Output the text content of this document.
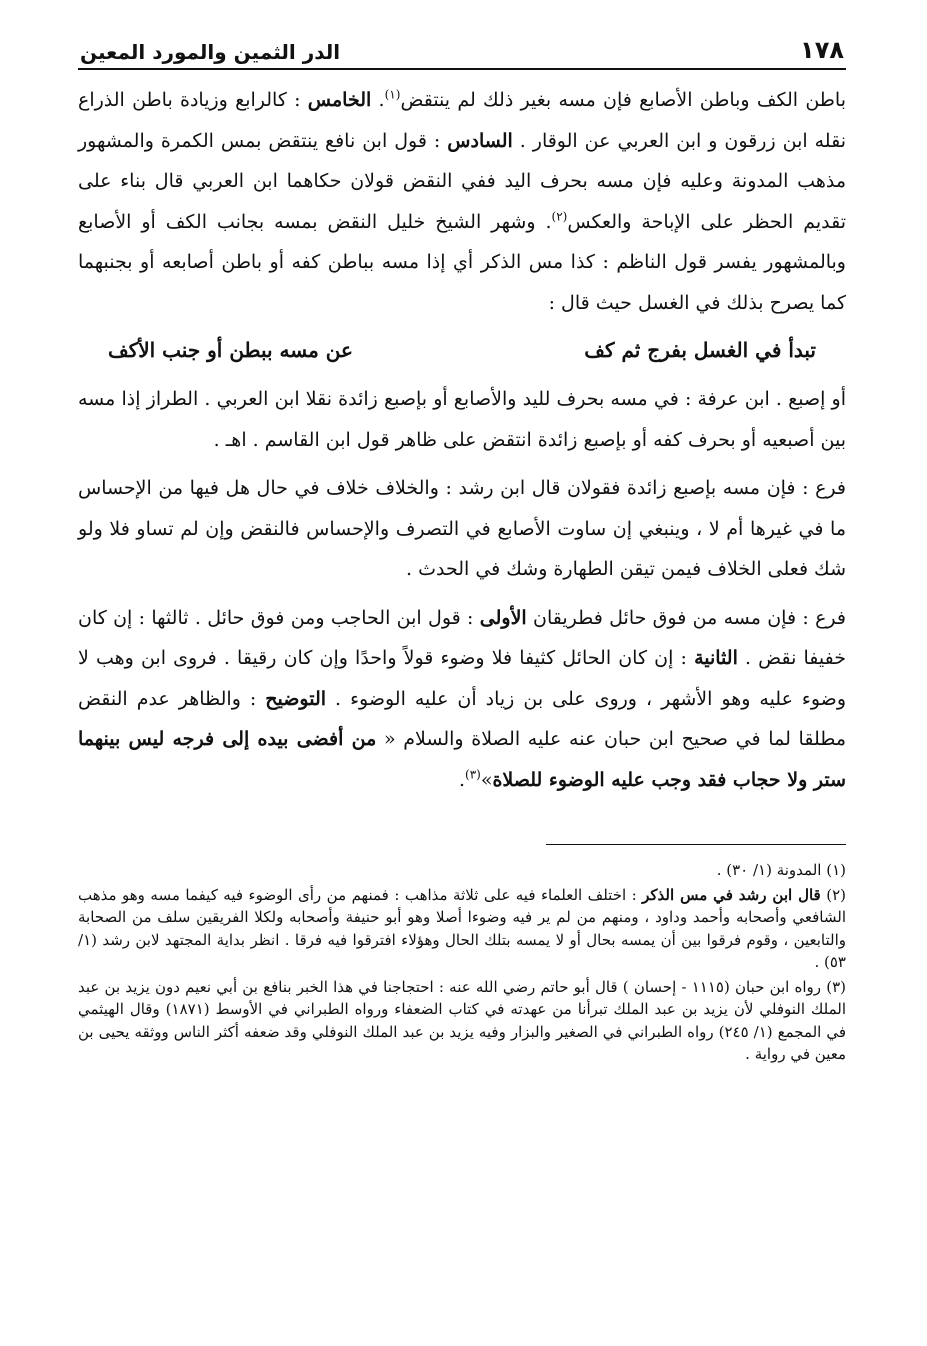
١٧٨
الدر الثمين والمورد المعين

باطن الكف وباطن الأصابع فإن مسه بغير ذلك لم ينتقض$^{(١)}$. الخامس : كالرابع وزيادة باطن الذراع نقله ابن زرقون و ابن العربي عن الوقار . السادس : قول ابن نافع ينتقض بمس الكمرة والمشهور مذهب المدونة وعليه فإن مسه بحرف اليد ففي النقض قولان حكاهما ابن العربي قال بناء على تقديم الحظر على الإباحة والعكس$^{(٢)}$. وشهر الشيخ خليل النقض بمسه بجانب الكف أو الأصابع وبالمشهور يفسر قول الناظم : كذا مس الذكر أي إذا مسه بباطن كفه أو باطن أصابعه أو بجنبهما كما يصرح بذلك في الغسل حيث قال :

تبدأ في الغسل بفرج ثم كف
عن مسه ببطن أو جنب الأكف

أو إصبع . ابن عرفة : في مسه بحرف لليد والأصابع أو بإصبع زائدة نقلا ابن العربي . الطراز إذا مسه بين أصبعيه أو بحرف كفه أو بإصبع زائدة انتقض على ظاهر قول ابن القاسم . اهـ .

فرع : فإن مسه بإصبع زائدة فقولان قال ابن رشد : والخلاف خلاف في حال هل فيها من الإحساس ما في غيرها أم لا ، وينبغي إن ساوت الأصابع في التصرف والإحساس فالنقض وإن لم تساو فلا ولو شك فعلى الخلاف فيمن تيقن الطهارة وشك في الحدث .

فرع : فإن مسه من فوق حائل فطريقان الأولى : قول ابن الحاجب ومن فوق حائل . ثالثها : إن كان خفيفا نقض . الثانية : إن كان الحائل كثيفا فلا وضوء قولاً واحدًا وإن كان رقيقا . فروى ابن وهب لا وضوء عليه وهو الأشهر ، وروى على بن زياد أن عليه الوضوء . التوضيح : والظاهر عدم النقض مطلقا لما في صحيح ابن حبان عنه عليه الصلاة والسلام « من أفضى بيده إلى فرجه ليس بينهما ستر ولا حجاب فقد وجب عليه الوضوء للصلاة»$^{(٣)}$.

(١) المدونة (١/ ٣٠) .
(٢) قال ابن رشد في مس الذكر : اختلف العلماء فيه على ثلاثة مذاهب : فمنهم من رأى الوضوء فيه كيفما مسه وهو مذهب الشافعي وأصحابه وأحمد وداود ، ومنهم من لم ير فيه وضوءا أصلا وهو أبو حنيفة وأصحابه ولكلا الفريقين سلف من الصحابة والتابعين ، وقوم فرقوا بين أن يمسه بحال أو لا يمسه بتلك الحال وهؤلاء افترقوا فيه فرقا . انظر بداية المجتهد لابن رشد (١/ ٥٣) .
(٣) رواه ابن حبان (١١١٥ - إحسان ) قال أبو حاتم رضي الله عنه : احتجاجنا في هذا الخبر بنافع بن أبي نعيم دون يزيد بن عبد الملك النوفلي لأن يزيد بن عبد الملك تبرأنا من عهدته في كتاب الضعفاء ورواه الطبراني في الأوسط (١٨٧١) وقال الهيثمي في المجمع (١/ ٢٤٥) رواه الطبراني في الصغير والبزار وفيه يزيد بن عبد الملك النوفلي وقد ضعفه أكثر الناس ووثقه يحيى بن معين في رواية .
